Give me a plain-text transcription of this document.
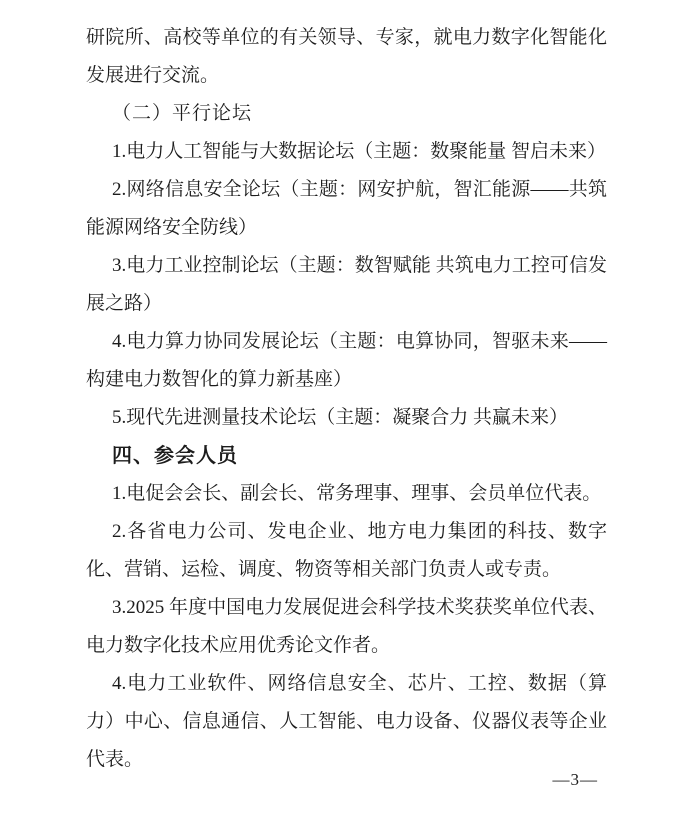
研院所、高校等单位的有关领导、专家，就电力数字化智能化发展进行交流。

（二）平行论坛

1.电力人工智能与大数据论坛（主题：数聚能量 智启未来）

2.网络信息安全论坛（主题：网安护航，智汇能源——共筑能源网络安全防线）

3.电力工业控制论坛（主题：数智赋能 共筑电力工控可信发展之路）

4.电力算力协同发展论坛（主题：电算协同，智驱未来——构建电力数智化的算力新基座）

5.现代先进测量技术论坛（主题：凝聚合力 共赢未来）

四、参会人员

1.电促会会长、副会长、常务理事、理事、会员单位代表。

2.各省电力公司、发电企业、地方电力集团的科技、数字化、营销、运检、调度、物资等相关部门负责人或专责。

3.2025 年度中国电力发展促进会科学技术奖获奖单位代表、电力数字化技术应用优秀论文作者。

4.电力工业软件、网络信息安全、芯片、工控、数据（算力）中心、信息通信、人工智能、电力设备、仪器仪表等企业代表。

—3—
